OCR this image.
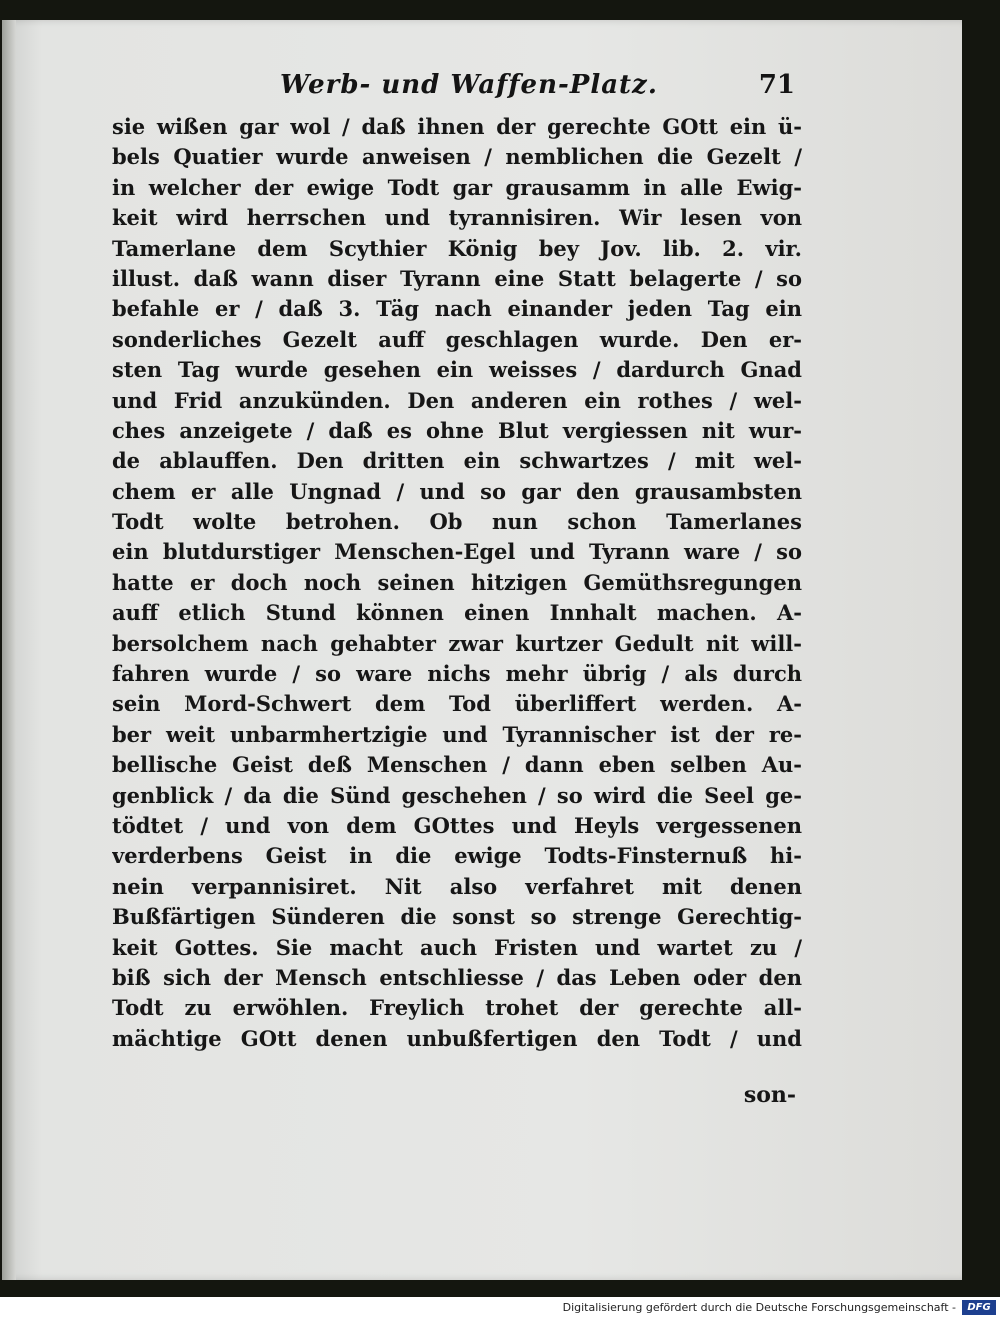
Werb- und Waffen-Platz.	71
sie wißen gar wol / daß ihnen der gerechte GOtt ein ü-
bels Quatier wurde anweisen / nemblichen die Gezelt /
in welcher der ewige Todt gar grausamm in alle Ewig-
keit wird herrschen und tyrannisiren. Wir lesen von
Tamerlane dem Scythier König bey Jov. lib. 2. vir.
illust. daß wann diser Tyrann eine Statt belagerte / so
befahle er / daß 3. Täg nach einander jeden Tag ein
sonderliches Gezelt auff geschlagen wurde. Den er-
sten Tag wurde gesehen ein weisses / dardurch Gnad
und Frid anzukünden. Den anderen ein rothes / wel-
ches anzeigete / daß es ohne Blut vergiessen nit wur-
de ablauffen. Den dritten ein schwartzes / mit wel-
chem er alle Ungnad / und so gar den grausambsten
Todt wolte betrohen. Ob nun schon Tamerlanes
ein blutdurstiger Menschen-Egel und Tyrann ware / so
hatte er doch noch seinen hitzigen Gemüthsregungen
auff etlich Stund können einen Innhalt machen. A-
bersolchem nach gehabter zwar kurtzer Gedult nit will-
fahren wurde / so ware nichs mehr übrig / als durch
sein Mord-Schwert dem Tod überliffert werden. A-
ber weit unbarmhertzigie und Tyrannischer ist der re-
bellische Geist deß Menschen / dann eben selben Au-
genblick / da die Sünd geschehen / so wird die Seel ge-
tödtet / und von dem GOttes und Heyls vergessenen
verderbens Geist in die ewige Todts-Finsternuß hi-
nein verpannisiret. Nit also verfahret mit denen
Bußfärtigen Sünderen die sonst so strenge Gerechtig-
keit Gottes. Sie macht auch Fristen und wartet zu /
biß sich der Mensch entschliesse / das Leben oder den
Todt zu erwöhlen. Freylich trohet der gerechte all-
mächtige GOtt denen unbußfertigen den Todt / und
son-
Digitalisierung gefördert durch die Deutsche Forschungsgemeinschaft -	DFG
